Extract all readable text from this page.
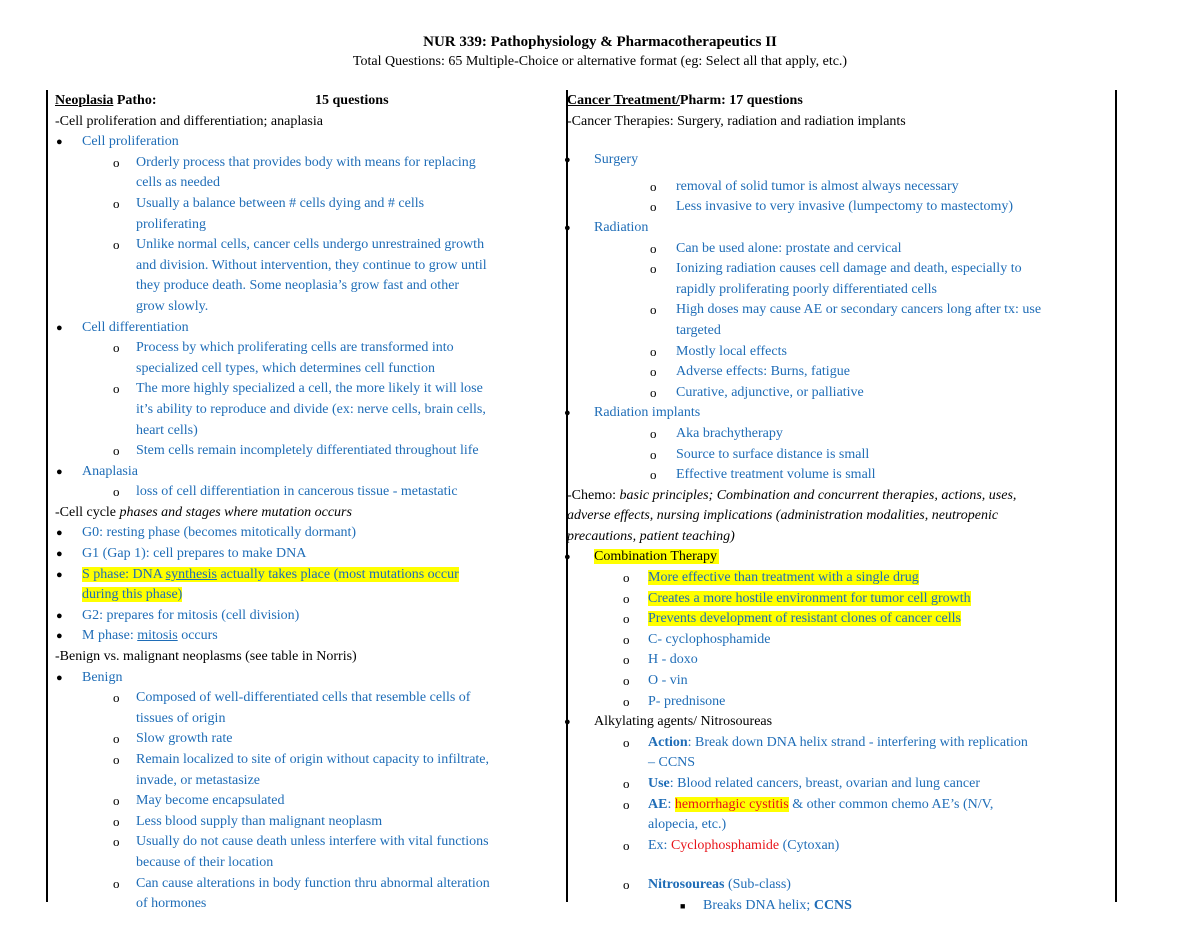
NUR 339: Pathophysiology & Pharmacotherapeutics II
Total Questions: 65 Multiple-Choice or alternative format (eg: Select all that apply, etc.)
Neoplasia Patho:	15 questions
-Cell proliferation and differentiation; anaplasia
● Cell proliferation
o Orderly process that provides body with means for replacing
cells as needed
o Usually a balance between # cells dying and # cells
proliferating
o Unlike normal cells, cancer cells undergo unrestrained growth
and division. Without intervention, they continue to grow until
they produce death. Some neoplasia’s grow fast and other
grow slowly.
● Cell differentiation
o Process by which proliferating cells are transformed into
specialized cell types, which determines cell function
o The more highly specialized a cell, the more likely it will lose
it’s ability to reproduce and divide (ex: nerve cells, brain cells,
heart cells)
o Stem cells remain incompletely differentiated throughout life
● Anaplasia
o loss of cell differentiation in cancerous tissue - metastatic
-Cell cycle phases and stages where mutation occurs
● G0: resting phase (becomes mitotically dormant)
● G1 (Gap 1): cell prepares to make DNA
● S phase: DNA synthesis actually takes place (most mutations occur
during this phase)
● G2: prepares for mitosis (cell division)
● M phase: mitosis occurs
-Benign vs. malignant neoplasms (see table in Norris)
● Benign
o Composed of well-differentiated cells that resemble cells of
tissues of origin
o Slow growth rate
o Remain localized to site of origin without capacity to infiltrate,
invade, or metastasize
o May become encapsulated
o Less blood supply than malignant neoplasm
o Usually do not cause death unless interfere with vital functions
because of their location
o Can cause alterations in body function thru abnormal alteration
of hormones
Cancer Treatment/Pharm: 17 questions
-Cancer Therapies: Surgery, radiation and radiation implants
● Surgery
o removal of solid tumor is almost always necessary
o Less invasive to very invasive (lumpectomy to mastectomy)
● Radiation
o Can be used alone: prostate and cervical
o Ionizing radiation causes cell damage and death, especially to
rapidly proliferating poorly differentiated cells
o High doses may cause AE or secondary cancers long after tx: use
targeted
o Mostly local effects
o Adverse effects: Burns, fatigue
o Curative, adjunctive, or palliative
● Radiation implants
o Aka brachytherapy
o Source to surface distance is small
o Effective treatment volume is small
-Chemo: basic principles; Combination and concurrent therapies, actions, uses,
adverse effects, nursing implications (administration modalities, neutropenic
precautions, patient teaching)
● Combination Therapy
o More effective than treatment with a single drug
o Creates a more hostile environment for tumor cell growth
o Prevents development of resistant clones of cancer cells
o C- cyclophosphamide
o H - doxo
o O - vin
o P- prednisone
● Alkylating agents/ Nitrosoureas
o Action: Break down DNA helix strand - interfering with replication
– CCNS
o Use: Blood related cancers, breast, ovarian and lung cancer
o AE: hemorrhagic cystitis & other common chemo AE’s (N/V,
alopecia, etc.)
o Ex: Cyclophosphamide (Cytoxan)
o Nitrosoureas (Sub-class)
■ Breaks DNA helix; CCNS
